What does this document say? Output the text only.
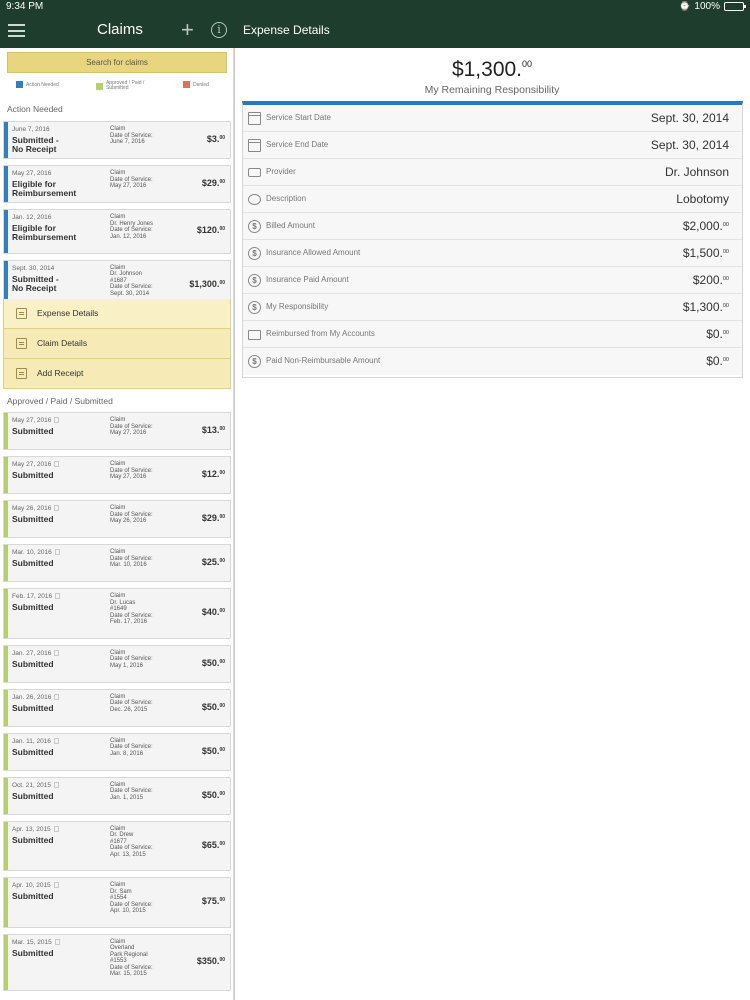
9:34 PM	⌚ 100%
Claims +	i	Expense Details
Search for claims
Action Needed	Approved / Paid / Submitted
Denied
Action Needed
June 7, 2016
Submitted -
No Receipt
Claim
Date of Service:
June 7, 2016	$3.00
May 27, 2016
Eligible for
Reimbursement
Claim
Date of Service:
May 27, 2016	$29.00
Jan. 12, 2016
Eligible for
Reimbursement
Claim
Dr. Henry Jones
Date of Service:
Jan. 12, 2016
$120.00
Sept. 30, 2014
Submitted -
No Receipt
Claim
Dr. Johnson
#1687
Date of Service:
Sept. 30, 2014
$1,300.00
Expense Details
Claim Details
Add Receipt
Approved / Paid / Submitted
May 27, 2016
Submitted
Claim
Date of Service:
May 27, 2016	$13.00
May 27, 2016
Submitted
Claim
Date of Service:
May 27, 2016	$12.00
May 26, 2016
Submitted
Claim
Date of Service:
May 26, 2016	$29.00
Mar. 10, 2016
Submitted
Claim
Date of Service:
Mar. 10, 2016	$25.00
Feb. 17, 2016
Submitted
Claim
Dr. Lucas
#1649
Date of Service:
Feb. 17, 2016
$40.00
Jan. 27, 2016
Submitted
Claim
Date of Service:
May 1, 2016	$50.00
Jan. 26, 2016
Submitted
Claim
Date of Service:
Dec. 26, 2015	$50.00
Jan. 11, 2016
Submitted
Claim
Date of Service:
Jan. 8, 2016	$50.00
Oct. 21, 2015
Submitted
Claim
Date of Service:
Jan. 1, 2015	$50.00
Apr. 13, 2015
Submitted
Claim
Dr. Drew
#1677
Date of Service:
Apr. 13, 2015
$65.00
Apr. 10, 2015
Submitted
Claim
Dr. Sam
#1554
Date of Service:
Apr. 10, 2015
$75.00
Mar. 15, 2015
Submitted
Claim
Overland
Park Regional
#1553
Date of Service:
Mar. 15, 2015
$350.00
$1,300.00
My Remaining Responsibility
Service Start Date	Sept. 30, 2014
Service End Date	Sept. 30, 2014
Provider	Dr. Johnson
Description	Lobotomy
$	Billed Amount	$2,000.00
$	Insurance Allowed Amount	$1,500.00
$	Insurance Paid Amount	$200.00
$	My Responsibility	$1,300.00
Reimbursed from My Accounts	$0.00
$	Paid Non-Reimbursable Amount	$0.00
